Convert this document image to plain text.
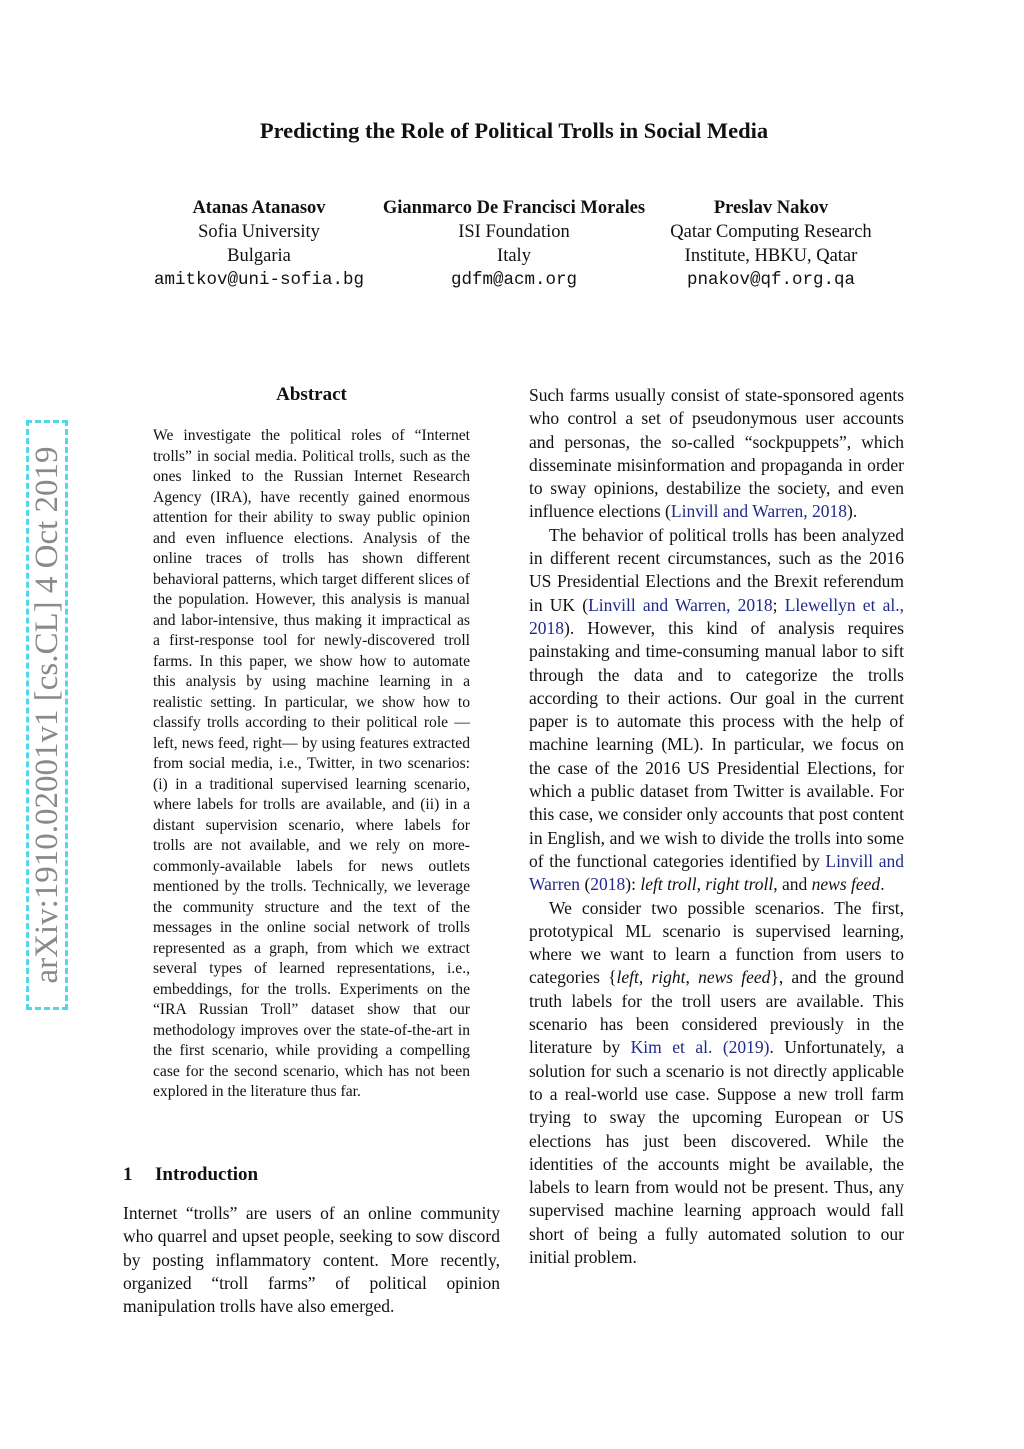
Predicting the Role of Political Trolls in Social Media
Atanas Atanasov
Sofia University
Bulgaria
amitkov@uni-sofia.bg
Gianmarco De Francisci Morales
ISI Foundation
Italy
gdfm@acm.org
Preslav Nakov
Qatar Computing Research
Institute, HBKU, Qatar
pnakov@qf.org.qa
arXiv:1910.02001v1 [cs.CL] 4 Oct 2019
Abstract

We investigate the political roles of “Internet trolls” in social media. Political trolls, such as the ones linked to the Russian Internet Research Agency (IRA), have recently gained enormous attention for their ability to sway public opinion and even influence elections. Analysis of the online traces of trolls has shown different behavioral patterns, which target different slices of the population. However, this analysis is manual and labor-intensive, thus making it impractical as a first-response tool for newly-discovered troll farms. In this paper, we show how to automate this analysis by using machine learning in a realistic setting. In particular, we show how to classify trolls according to their political role —left, news feed, right— by using features extracted from social media, i.e., Twitter, in two scenarios: (i) in a traditional supervised learning scenario, where labels for trolls are available, and (ii) in a distant supervision scenario, where labels for trolls are not available, and we rely on more-commonly-available labels for news outlets mentioned by the trolls. Technically, we leverage the community structure and the text of the messages in the online social network of trolls represented as a graph, from which we extract several types of learned representations, i.e., embeddings, for the trolls. Experiments on the “IRA Russian Troll” dataset show that our methodology improves over the state-of-the-art in the first scenario, while providing a compelling case for the second scenario, which has not been explored in the literature thus far.

1 Introduction

Internet “trolls” are users of an online community who quarrel and upset people, seeking to sow discord by posting inflammatory content. More recently, organized “troll farms” of political opinion manipulation trolls have also emerged.

Such farms usually consist of state-sponsored agents who control a set of pseudonymous user accounts and personas, the so-called “sockpuppets”, which disseminate misinformation and propaganda in order to sway opinions, destabilize the society, and even influence elections (Linvill and Warren, 2018).

The behavior of political trolls has been analyzed in different recent circumstances, such as the 2016 US Presidential Elections and the Brexit referendum in UK (Linvill and Warren, 2018; Llewellyn et al., 2018). However, this kind of analysis requires painstaking and time-consuming manual labor to sift through the data and to categorize the trolls according to their actions. Our goal in the current paper is to automate this process with the help of machine learning (ML). In particular, we focus on the case of the 2016 US Presidential Elections, for which a public dataset from Twitter is available. For this case, we consider only accounts that post content in English, and we wish to divide the trolls into some of the functional categories identified by Linvill and Warren (2018): left troll, right troll, and news feed.

We consider two possible scenarios. The first, prototypical ML scenario is supervised learning, where we want to learn a function from users to categories {left, right, news feed}, and the ground truth labels for the troll users are available. This scenario has been considered previously in the literature by Kim et al. (2019). Unfortunately, a solution for such a scenario is not directly applicable to a real-world use case. Suppose a new troll farm trying to sway the upcoming European or US elections has just been discovered. While the identities of the accounts might be available, the labels to learn from would not be present. Thus, any supervised machine learning approach would fall short of being a fully automated solution to our initial problem.
